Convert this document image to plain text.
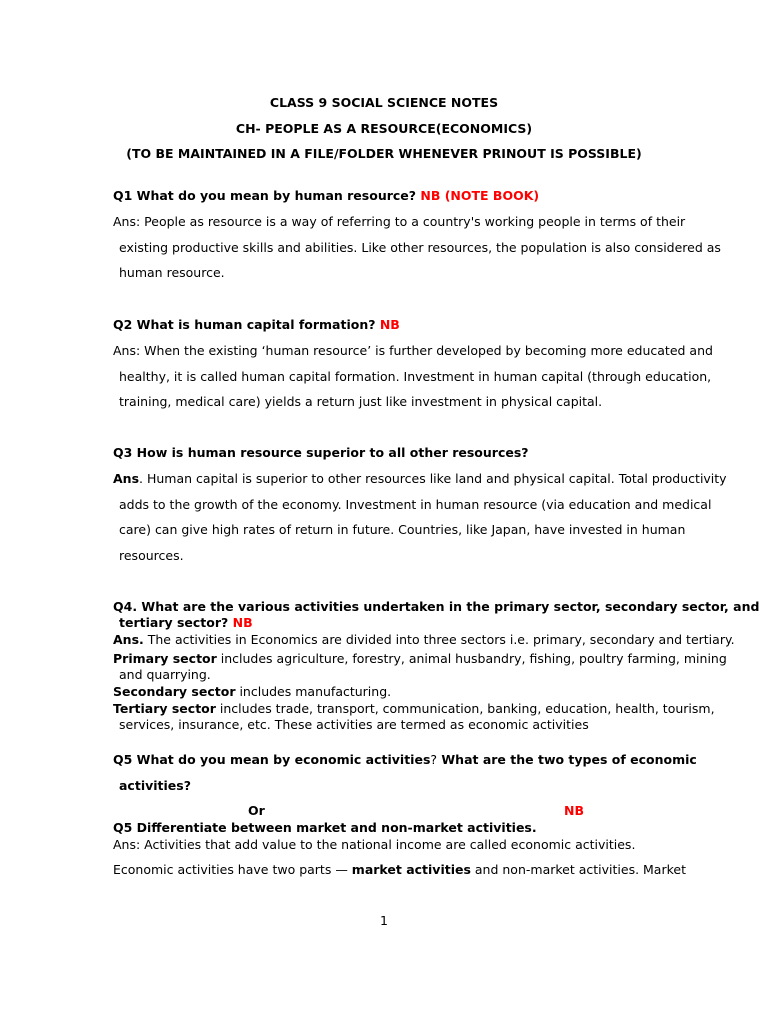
CLASS 9 SOCIAL SCIENCE NOTES
CH- PEOPLE AS A RESOURCE(ECONOMICS)
(TO BE MAINTAINED IN A FILE/FOLDER WHENEVER PRINOUT IS POSSIBLE)
Q1 What do you mean by human resource? NB (NOTE BOOK)
Ans: People as resource is a way of referring to a country's working people in terms of their
existing productive skills and abilities. Like other resources, the population is also considered as
human resource.
Q2 What is human capital formation? NB
Ans: When the existing ‘human resource’ is further developed by becoming more educated and
healthy, it is called human capital formation. Investment in human capital (through education,
training, medical care) yields a return just like investment in physical capital.
Q3 How is human resource superior to all other resources?
Ans. Human capital is superior to other resources like land and physical capital. Total productivity
adds to the growth of the economy. Investment in human resource (via education and medical
care) can give high rates of return in future. Countries, like Japan, have invested in human
resources.
Q4. What are the various activities undertaken in the primary sector, secondary sector, and
tertiary sector? NB
Ans. The activities in Economics are divided into three sectors i.e. primary, secondary and tertiary.
Primary sector includes agriculture, forestry, animal husbandry, fishing, poultry farming, mining
and quarrying.
Secondary sector includes manufacturing.
Tertiary sector includes trade, transport, communication, banking, education, health, tourism,
services, insurance, etc. These activities are termed as economic activities
Q5 What do you mean by economic activities? What are the two types of economic
activities?
Or	NB
Q5 Differentiate between market and non-market activities.
Ans: Activities that add value to the national income are called economic activities.
Economic activities have two parts — market activities and non-market activities. Market
1
